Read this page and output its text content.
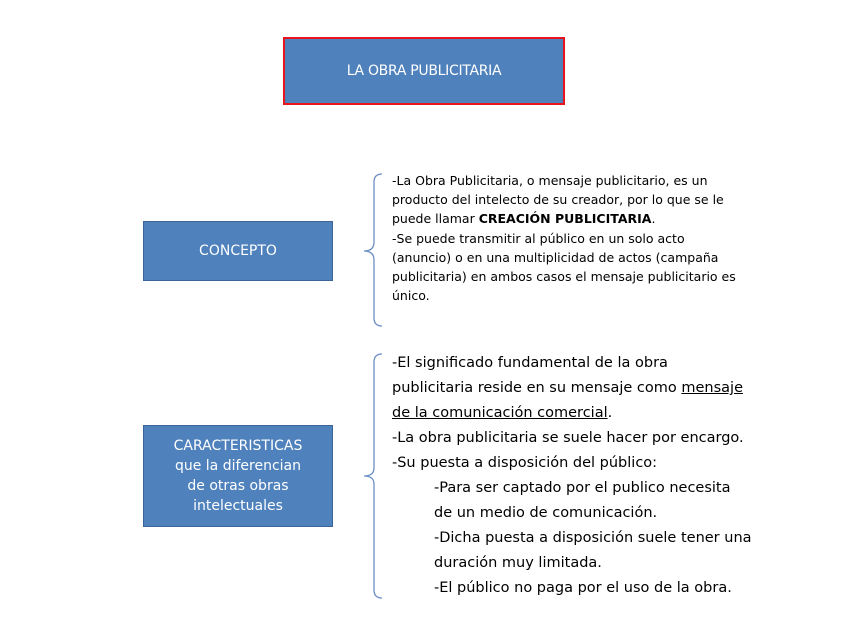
LA OBRA PUBLICITARIA
CONCEPTO
CARACTERISTICAS
que la diferencian
de otras obras
intelectuales
-La Obra Publicitaria, o mensaje publicitario, es un
producto del intelecto de su creador, por lo que se le
puede llamar CREACIÓN PUBLICITARIA.
-Se puede transmitir al público en un solo acto
(anuncio) o en una multiplicidad de actos (campaña
publicitaria) en ambos casos el mensaje publicitario es
único.
-El significado fundamental de la obra
publicitaria reside en su mensaje como mensaje
de la comunicación comercial.
-La obra publicitaria se suele hacer por encargo.
-Su puesta a disposición del público:
-Para ser captado por el publico necesita
de un medio de comunicación.
-Dicha puesta a disposición suele tener una
duración muy limitada.
-El público no paga por el uso de la obra.
